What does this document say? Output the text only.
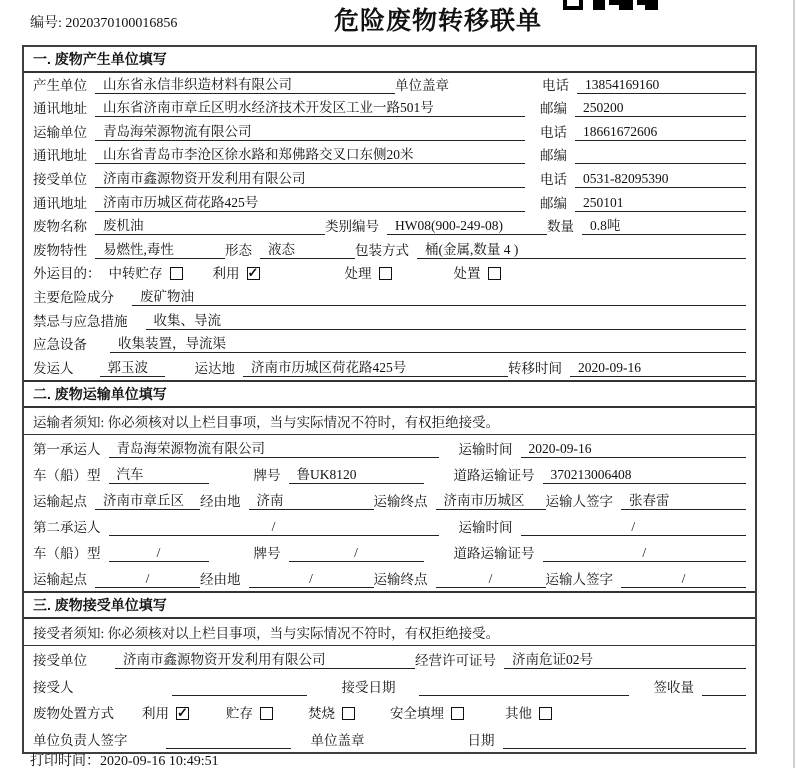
编号: 2020370100016856	危险废物转移联单
一. 废物产生单位填写
产生单位	山东省永信非织造材料有限公司	单位盖章	电话	13854169160
通讯地址	山东省济南市章丘区明水经济技术开发区工业一路501号	邮编	250200
运输单位	青岛海荣源物流有限公司	电话	18661672606
通讯地址	山东省青岛市李沧区徐水路和郑佛路交叉口东侧20米	邮编
接受单位	济南市鑫源物资开发利用有限公司	电话	0531-82095390
通讯地址	济南市历城区荷花路425号	邮编	250101
废物名称	废机油	类别编号	HW08(900-249-08)	数量	0.8吨
废物特性	易燃性,毒性	形态	液态	包装方式	桶(金属,数量 4 )
外运目的： 中转贮存	利用 ✓	处理	处置
主要危险成分	废矿物油
禁忌与应急措施	收集、导流
应急设备	收集装置，导流渠
发运人	郭玉波	运达地	济南市历城区荷花路425号	转移时间	2020-09-16
二. 废物运输单位填写
运输者须知: 你必须核对以上栏目事项，当与实际情况不符时，有权拒绝接受。
第一承运人	青岛海荣源物流有限公司	运输时间	2020-09-16
车（船）型	汽车	牌号	鲁UK8120	道路运输证号	370213006408
运输起点	济南市章丘区	经由地	济南	运输终点	济南市历城区	运输人签字	张春雷
第二承运人	/	运输时间	/
车（船）型	/	牌号	/	道路运输证号	/
运输起点	/	经由地	/	运输终点	/	运输人签字	/
三. 废物接受单位填写
接受者须知: 你必须核对以上栏目事项，当与实际情况不符时，有权拒绝接受。
接受单位	济南市鑫源物资开发利用有限公司	经营许可证号	济南危证02号
接受人	接受日期	签收量
废物处置方式 利用 ✓	贮存	焚烧	安全填埋	其他
单位负责人签字	单位盖章	日期
打印时间：2020-09-16 10:49:51
